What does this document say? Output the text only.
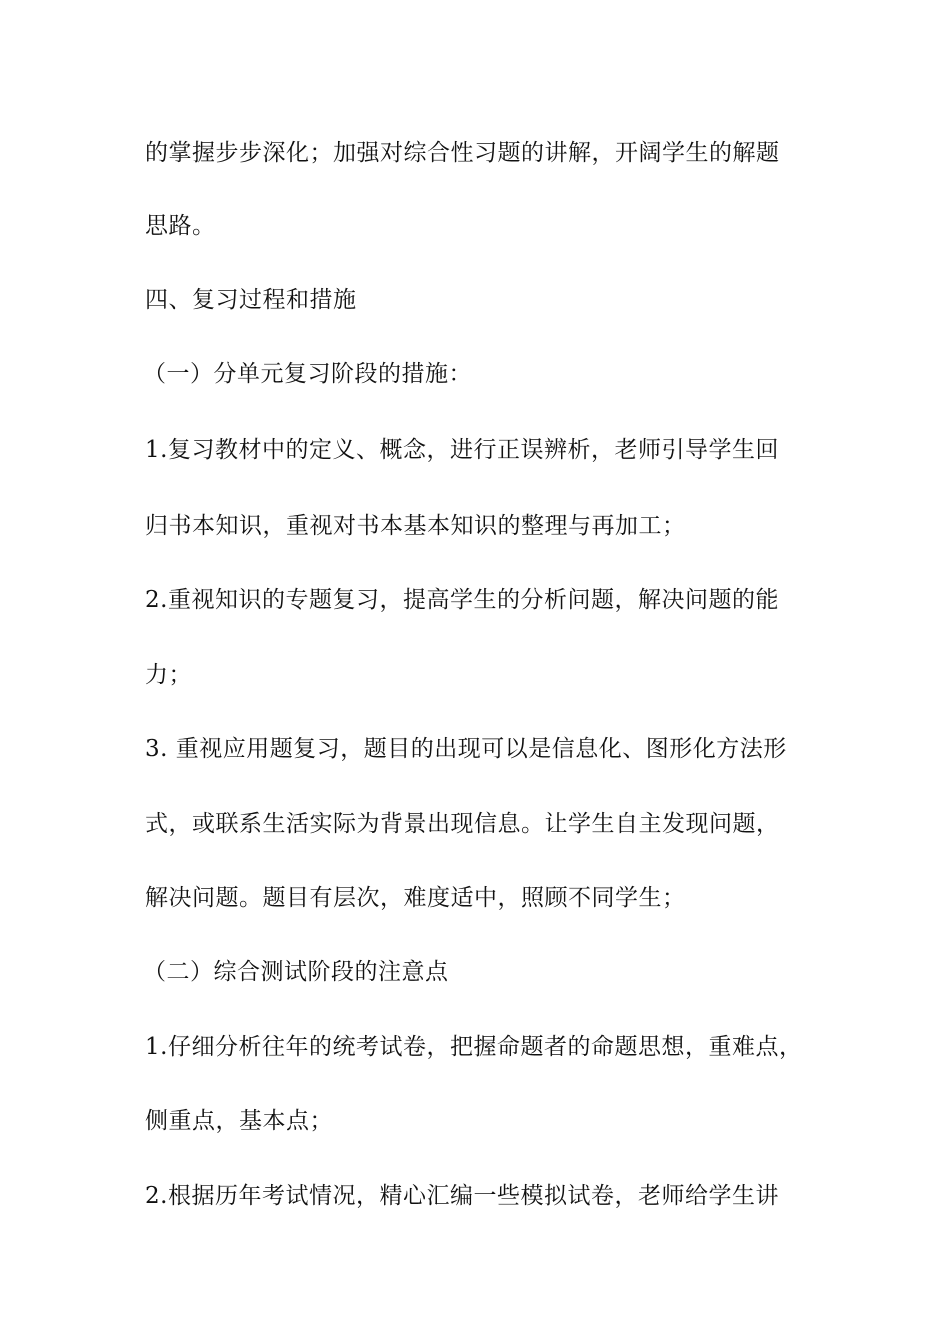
的掌握步步深化；加强对综合性习题的讲解，开阔学生的解题
思路。
四、复习过程和措施
（一）分单元复习阶段的措施：
1.复习教材中的定义、概念，进行正误辨析，老师引导学生回
归书本知识，重视对书本基本知识的整理与再加工；
2.重视知识的专题复习，提高学生的分析问题，解决问题的能
力；
3. 重视应用题复习，题目的出现可以是信息化、图形化方法形
式，或联系生活实际为背景出现信息。让学生自主发现问题，
解决问题。题目有层次，难度适中，照顾不同学生；
（二）综合测试阶段的注意点
1.仔细分析往年的统考试卷，把握命题者的命题思想，重难点，
侧重点，基本点；
2.根据历年考试情况，精心汇编一些模拟试卷，老师给学生讲
